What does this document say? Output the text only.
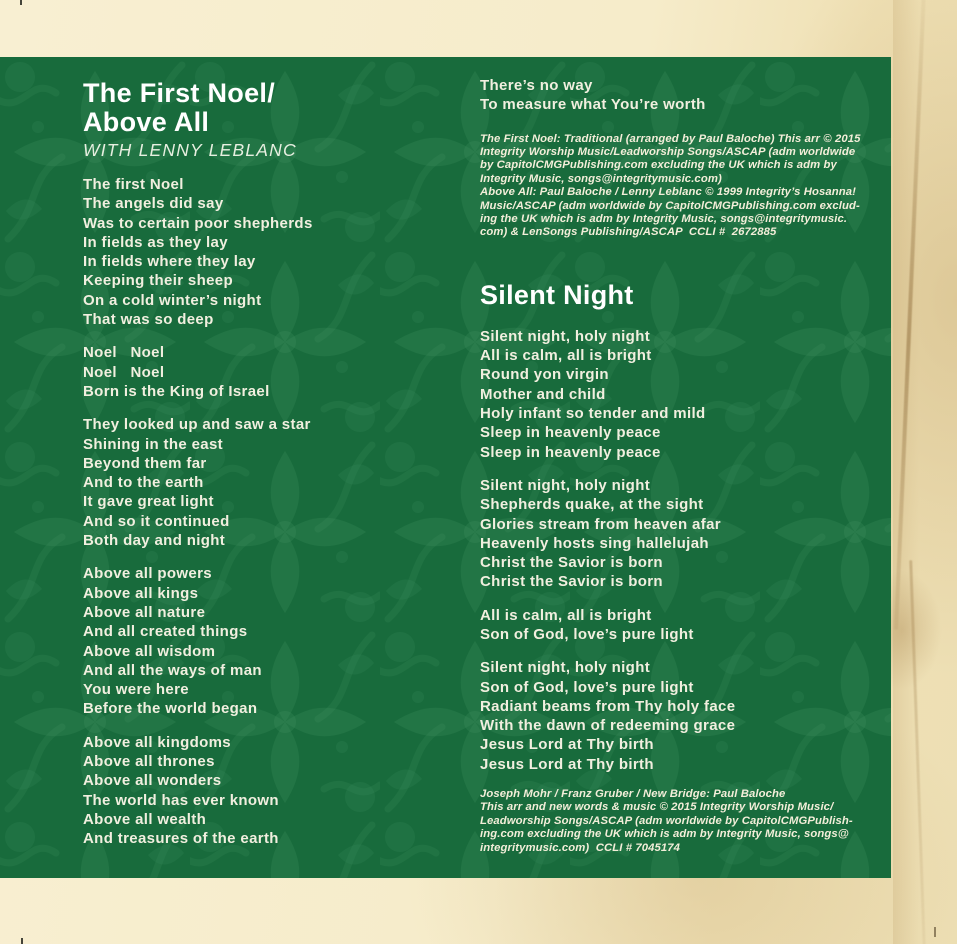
The First Noel/
Above All
WITH LENNY LEBLANC
The first Noel
The angels did say
Was to certain poor shepherds
In fields as they lay
In fields where they lay
Keeping their sheep
On a cold winter’s night
That was so deep
Noel   Noel
Noel   Noel
Born is the King of Israel
They looked up and saw a star
Shining in the east
Beyond them far
And to the earth
It gave great light
And so it continued
Both day and night
Above all powers
Above all kings
Above all nature
And all created things
Above all wisdom
And all the ways of man
You were here
Before the world began
Above all kingdoms
Above all thrones
Above all wonders
The world has ever known
Above all wealth
And treasures of the earth
There’s no way
To measure what You’re worth
The First Noel: Traditional (arranged by Paul Baloche) This arr © 2015
Integrity Worship Music/Leadworship Songs/ASCAP (adm worldwide
by CapitolCMGPublishing.com excluding the UK which is adm by
Integrity Music, songs@integritymusic.com)
Above All: Paul Baloche / Lenny Leblanc © 1999 Integrity’s Hosanna!
Music/ASCAP (adm worldwide by CapitolCMGPublishing.com exclud-
ing the UK which is adm by Integrity Music, songs@integritymusic.
com) & LenSongs Publishing/ASCAP  CCLI #  2672885
Silent Night
Silent night, holy night
All is calm, all is bright
Round yon virgin
Mother and child
Holy infant so tender and mild
Sleep in heavenly peace
Sleep in heavenly peace
Silent night, holy night
Shepherds quake, at the sight
Glories stream from heaven afar
Heavenly hosts sing hallelujah
Christ the Savior is born
Christ the Savior is born
All is calm, all is bright
Son of God, love’s pure light
Silent night, holy night
Son of God, love’s pure light
Radiant beams from Thy holy face
With the dawn of redeeming grace
Jesus Lord at Thy birth
Jesus Lord at Thy birth
Joseph Mohr / Franz Gruber / New Bridge: Paul Baloche
This arr and new words & music © 2015 Integrity Worship Music/
Leadworship Songs/ASCAP (adm worldwide by CapitolCMGPublish-
ing.com excluding the UK which is adm by Integrity Music, songs@
integritymusic.com)  CCLI # 7045174
